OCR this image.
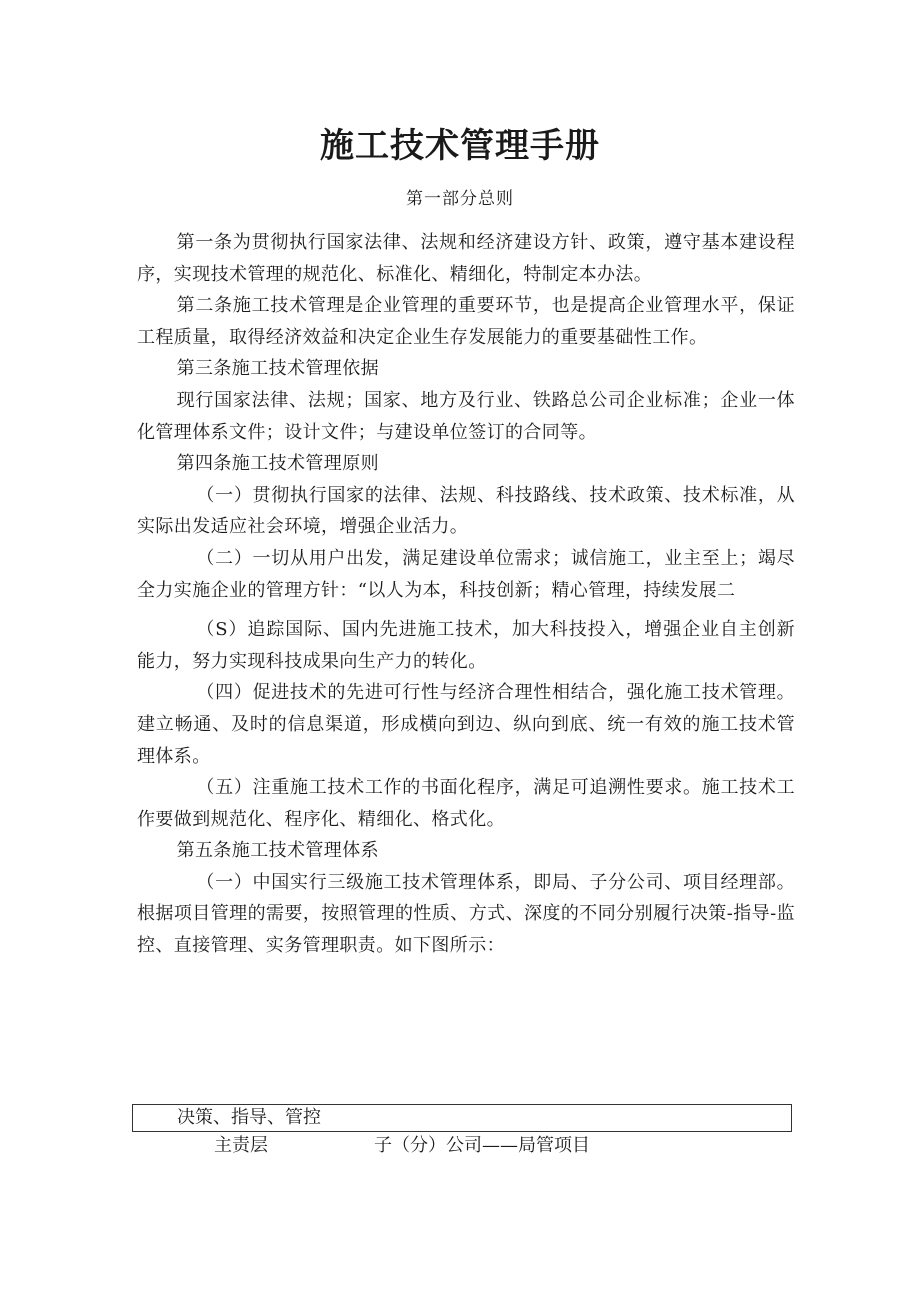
施工技术管理手册
第一部分总则

第一条为贯彻执行国家法律、法规和经济建设方针、政策，遵守基本建设程序，实现技术管理的规范化、标准化、精细化，特制定本办法。

第二条施工技术管理是企业管理的重要环节，也是提高企业管理水平，保证工程质量，取得经济效益和决定企业生存发展能力的重要基础性工作。

第三条施工技术管理依据

现行国家法律、法规；国家、地方及行业、铁路总公司企业标准；企业一体化管理体系文件；设计文件；与建设单位签订的合同等。

第四条施工技术管理原则

（一）贯彻执行国家的法律、法规、科技路线、技术政策、技术标准，从实际出发适应社会环境，增强企业活力。

（二）一切从用户出发，满足建设单位需求；诚信施工，业主至上；竭尽全力实施企业的管理方针：“以人为本，科技创新；精心管理，持续发展二

（S）追踪国际、国内先进施工技术，加大科技投入，增强企业自主创新能力，努力实现科技成果向生产力的转化。

（四）促进技术的先进可行性与经济合理性相结合，强化施工技术管理。建立畅通、及时的信息渠道，形成横向到边、纵向到底、统一有效的施工技术管理体系。

（五）注重施工技术工作的书面化程序，满足可追溯性要求。施工技术工作要做到规范化、程序化、精细化、格式化。

第五条施工技术管理体系

（一）中国实行三级施工技术管理体系，即局、子分公司、项目经理部。根据项目管理的需要，按照管理的性质、方式、深度的不同分别履行决策-指导-监控、直接管理、实务管理职责。如下图所示：

决策、指导、管控
主责层	子（分）公司——局管项目
